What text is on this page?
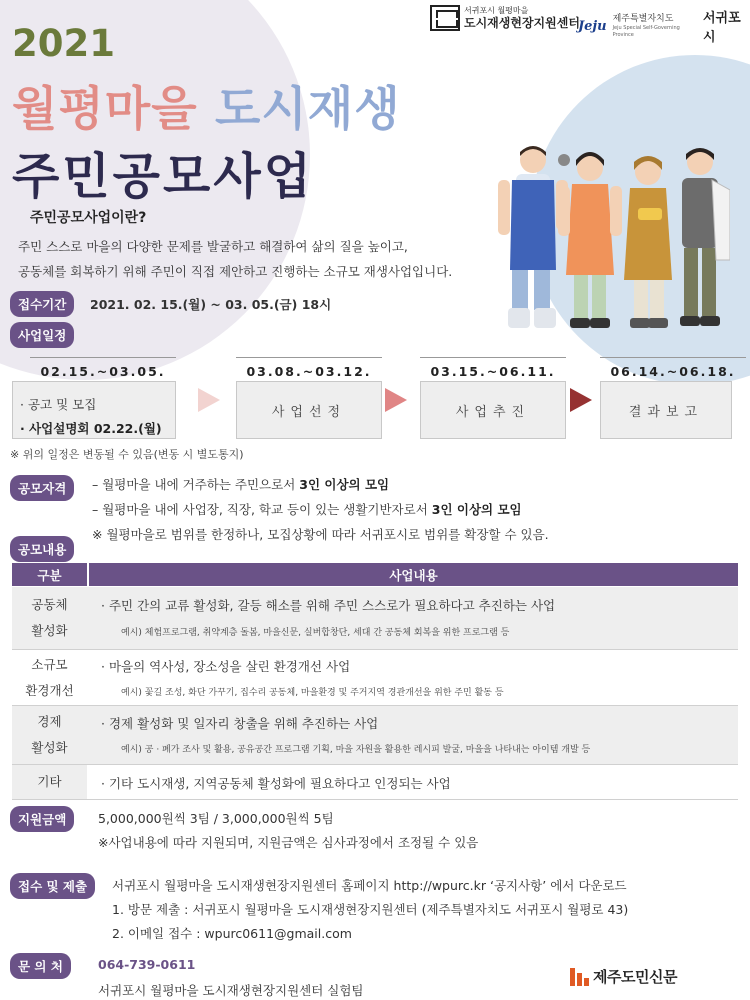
서귀포시 월평마을
도시재생현장지원센터
Jeju 제주특별자치도
Jeju Special Self-Governing Province
서귀포시
2021
월평마을 도시재생
주민공모사업
주민공모사업이란?
주민 스스로 마을의 다양한 문제를 발굴하고 해결하여 삶의 질을 높이고,
공동체를 회복하기 위해 주민이 직접 제안하고 진행하는 소규모 재생사업입니다.
접수기간	2021. 02. 15.(월) ~ 03. 05.(금) 18시
사업일정
02.15.~03.05.
· 공고 및 모집
· 사업설명회 02.22.(월)
03.08.~03.12.
사업선정
03.15.~06.11.
사업추진
06.14.~06.18.
결과보고
※ 위의 일정은 변동될 수 있음(변동 시 별도통지)
공모자격	– 월평마을 내에 거주하는 주민으로서 3인 이상의 모임
– 월평마을 내에 사업장, 직장, 학교 등이 있는 생활기반자로서 3인 이상의 모임
※ 월평마을로 범위를 한정하나, 모집상황에 따라 서귀포시로 범위를 확장할 수 있음.
공모내용
구분	사업내용
공동체
활성화
· 주민 간의 교류 활성화, 갈등 해소를 위해 주민 스스로가 필요하다고 추진하는 사업
예시) 체험프로그램, 취약계층 돌봄, 마을신문, 실버합창단, 세대 간 공동체 회복을 위한 프로그램 등
소규모
환경개선
· 마을의 역사성, 장소성을 살린 환경개선 사업
예시) 꽃길 조성, 화단 가꾸기, 집수리 공동체, 마을환경 및 주거지역 경관개선을 위한 주민 활동 등
경제
활성화
· 경제 활성화 및 일자리 창출을 위해 추진하는 사업
예시) 공 · 폐가 조사 및 활용, 공유공간 프로그램 기획, 마을 자원을 활용한 레시피 발굴, 마을을 나타내는 아이템 개발 등
기타	· 기타 도시재생, 지역공동체 활성화에 필요하다고 인정되는 사업
지원금액	5,000,000원씩 3팀 / 3,000,000원씩 5팀
※사업내용에 따라 지원되며, 지원금액은 심사과정에서 조정될 수 있음
접수 및 제출	서귀포시 월평마을 도시재생현장지원센터 홈페이지 http://wpurc.kr ‘공지사항’ 에서 다운로드
1. 방문 제출 : 서귀포시 월평마을 도시재생현장지원센터 (제주특별자치도 서귀포시 월평로 43)
2. 이메일 접수 : wpurc0611@gmail.com
문 의 처	064-739-0611
서귀포시 월평마을 도시재생현장지원센터 실험팀
제주도민신문
